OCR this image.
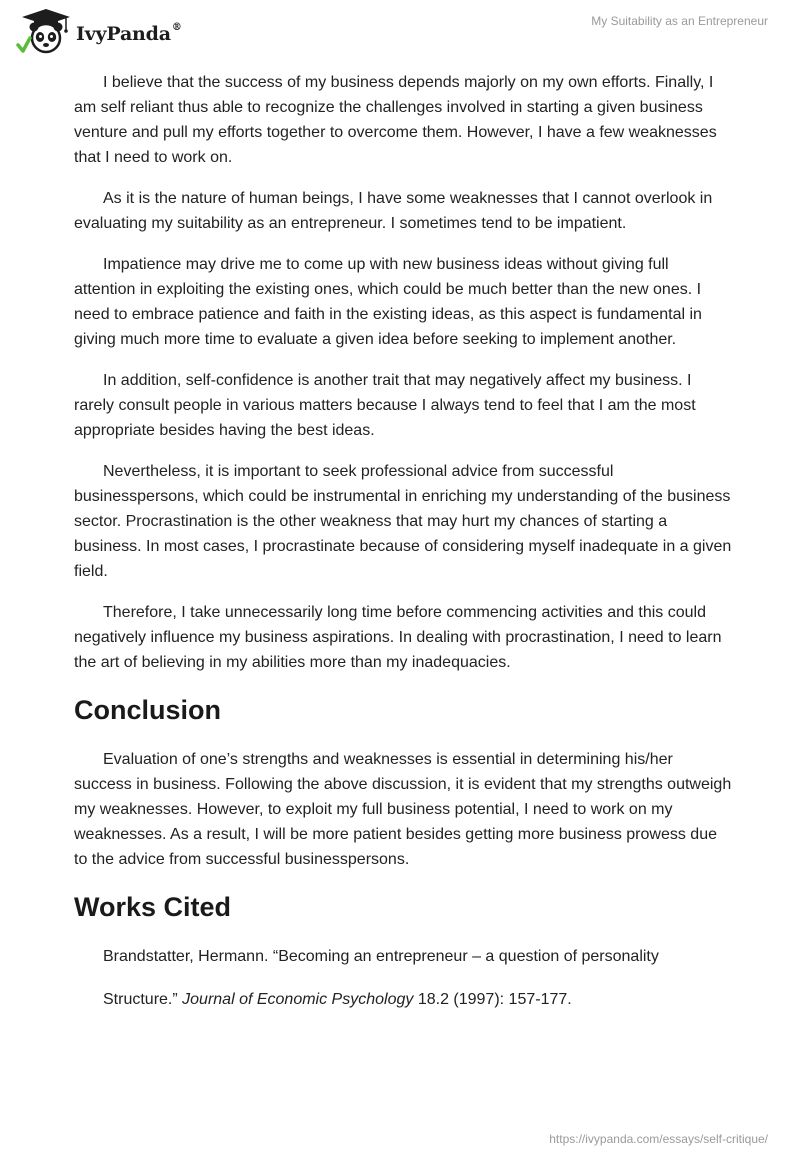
IvyPanda®	My Suitability as an Entrepreneur

I believe that the success of my business depends majorly on my own efforts. Finally, I am self reliant thus able to recognize the challenges involved in starting a given business venture and pull my efforts together to overcome them. However, I have a few weaknesses that I need to work on.

As it is the nature of human beings, I have some weaknesses that I cannot overlook in evaluating my suitability as an entrepreneur. I sometimes tend to be impatient.

Impatience may drive me to come up with new business ideas without giving full attention in exploiting the existing ones, which could be much better than the new ones. I need to embrace patience and faith in the existing ideas, as this aspect is fundamental in giving much more time to evaluate a given idea before seeking to implement another.

In addition, self-confidence is another trait that may negatively affect my business. I rarely consult people in various matters because I always tend to feel that I am the most appropriate besides having the best ideas.

Nevertheless, it is important to seek professional advice from successful businesspersons, which could be instrumental in enriching my understanding of the business sector. Procrastination is the other weakness that may hurt my chances of starting a business. In most cases, I procrastinate because of considering myself inadequate in a given field.

Therefore, I take unnecessarily long time before commencing activities and this could negatively influence my business aspirations. In dealing with procrastination, I need to learn the art of believing in my abilities more than my inadequacies.

Conclusion

Evaluation of one’s strengths and weaknesses is essential in determining his/her success in business. Following the above discussion, it is evident that my strengths outweigh my weaknesses. However, to exploit my full business potential, I need to work on my weaknesses. As a result, I will be more patient besides getting more business prowess due to the advice from successful businesspersons.

Works Cited
Brandstatter, Hermann. “Becoming an entrepreneur – a question of personality
Structure.” Journal of Economic Psychology 18.2 (1997): 157-177.
https://ivypanda.com/essays/self-critique/
